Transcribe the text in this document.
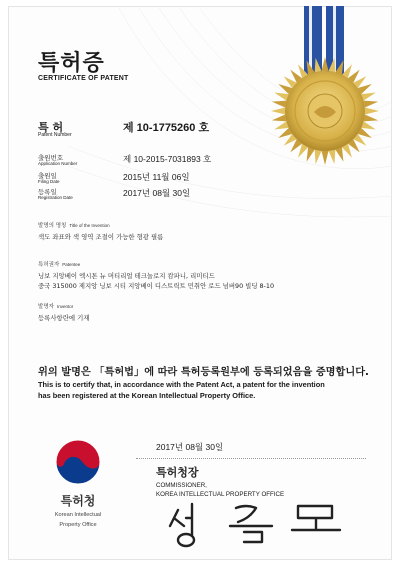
특허증
CERTIFICATE OF PATENT
특 허
Patent Number
제 10-1775260 호
출원번호
Application Number	제 10-2015-7031893 호
출원일
Filing Date	2015년 11월 06일
등록일
Registration Date	2017년 08월 30일
발명의 명칭 Title of the Invention
색도 좌표와 색 영역 조절이 가능한 형광 필름
특허권자 Patentee
닝보 지앙베이 엑시톤 뉴 머티리얼 테크놀로지 캄파니, 리미티드
중국 315000 제지앙 닝보 시티 지앙베이 디스트릭트 민취안 로드 넘버90 빌딩 8-10
발명자 Inventor
등록사항란에 기재
위의 발명은 「특허법」에 따라 특허등록원부에 등록되었음을 증명합니다.
This is to certify that, in accordance with the Patent Act, a patent for the invention
has been registered at the Korean Intellectual Property Office.
특허청
Korean Intellectual
Property Office
2017년 08월 30일
특허청장
COMMISSIONER,
KOREA INTELLECTUAL PROPERTY OFFICE
